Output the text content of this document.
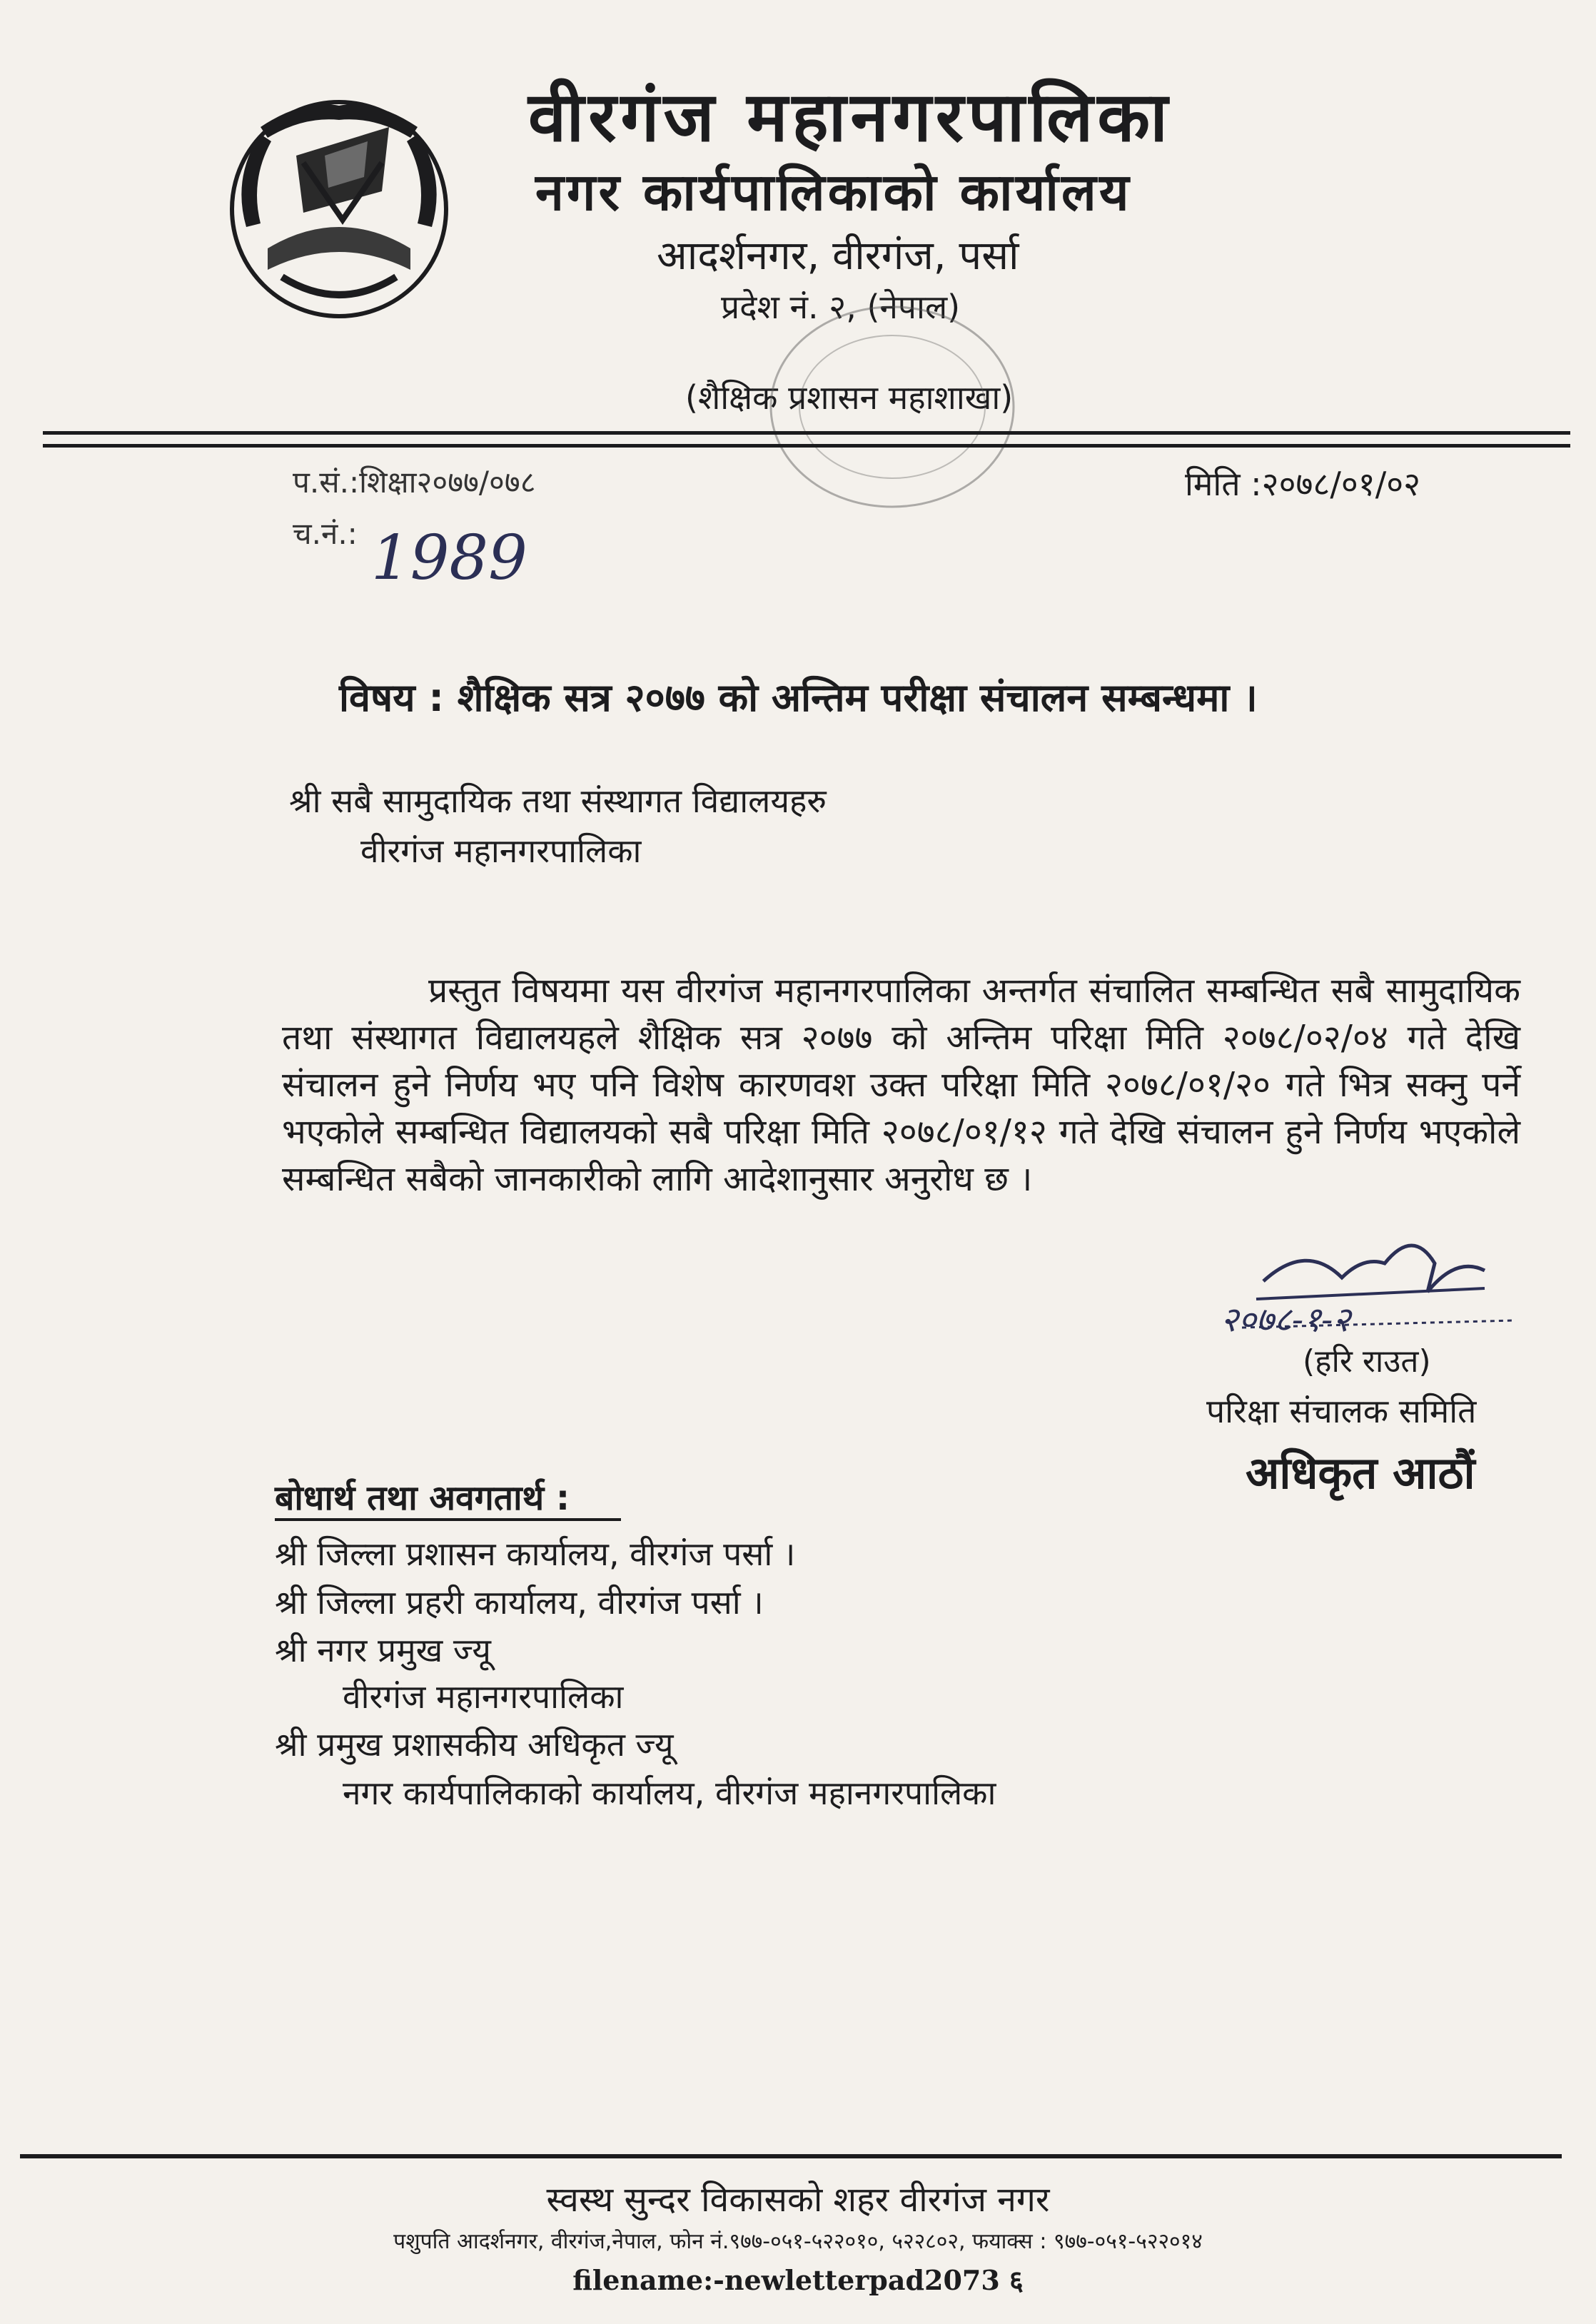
वीरगंज महानगरपालिका
नगर कार्यपालिकाको कार्यालय
आदर्शनगर, वीरगंज, पर्सा
प्रदेश नं. २, (नेपाल)
(शैक्षिक प्रशासन महाशाखा)
प.सं.:शिक्षा२०७७/०७८
च.नं.: 1989
मिति :२०७८/०१/०२
विषय : शैक्षिक सत्र २०७७ को अन्तिम परीक्षा संचालन सम्बन्धमा ।
श्री सबै सामुदायिक तथा संस्थागत विद्यालयहरु
वीरगंज महानगरपालिका
प्रस्तुत विषयमा यस वीरगंज महानगरपालिका अन्तर्गत संचालित सम्बन्धित सबै सामुदायिक तथा संस्थागत विद्यालयहले शैक्षिक सत्र २०७७ को अन्तिम परिक्षा मिति २०७८/०२/०४ गते देखि संचालन हुने निर्णय भए पनि विशेष कारणवश उक्त परिक्षा मिति २०७८/०१/२० गते भित्र सक्नु पर्ने भएकोले सम्बन्धित विद्यालयको सबै परिक्षा मिति २०७८/०१/१२ गते देखि संचालन हुने निर्णय भएकोले सम्बन्धित सबैको जानकारीको लागि आदेशानुसार अनुरोध छ ।
२०७८-१-२
(हरि राउत)
परिक्षा संचालक समिति
अधिकृत आठौं
बोधार्थ तथा अवगतार्थ :
श्री जिल्ला प्रशासन कार्यालय, वीरगंज पर्सा ।
श्री जिल्ला प्रहरी कार्यालय, वीरगंज पर्सा ।
श्री नगर प्रमुख ज्यू
वीरगंज महानगरपालिका
श्री प्रमुख प्रशासकीय अधिकृत ज्यू
नगर कार्यपालिकाको कार्यालय, वीरगंज महानगरपालिका
स्वस्थ सुन्दर विकासको शहर वीरगंज नगर
पशुपति आदर्शनगर, वीरगंज,नेपाल, फोन नं.९७७-०५१-५२२०१०, ५२२८०२, फयाक्स : ९७७-०५१-५२२०१४
filename:-newletterpad2073 ६
